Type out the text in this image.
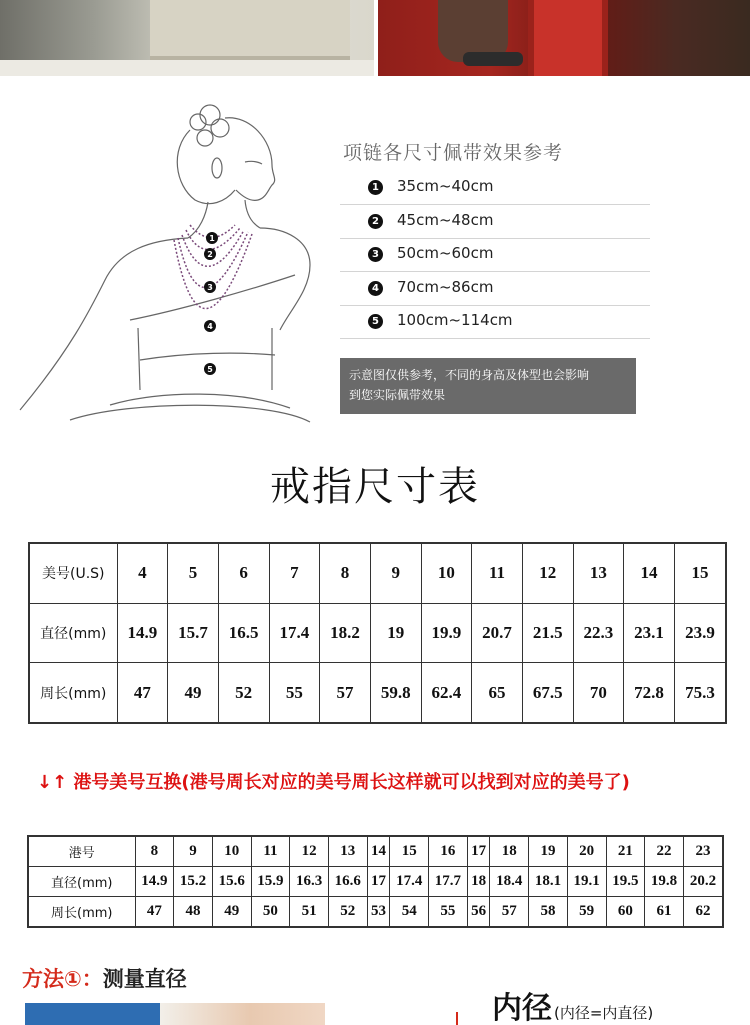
1
2
3
4
5
项链各尺寸佩带效果参考
1 35cm~40cm
2 45cm~48cm
3 50cm~60cm
4 70cm~86cm
5 100cm~114cm
示意图仅供参考，不同的身高及体型也会影响
到您实际佩带效果
戒指尺寸表
美号(U.S)	4	5	6	7	8	9	10	11	12	13	14	15
直径(mm)	14.9	15.7	16.5	17.4	18.2	19	19.9	20.7	21.5	22.3	23.1	23.9
周长(mm)	47	49	52	55	57	59.8	62.4	65	67.5	70	72.8	75.3
↓↑ 港号美号互换(港号周长对应的美号周长这样就可以找到对应的美号了)
港号	8	9	10	11	12	13	14	15	16	17	18	19	20	21	22	23
直径(mm)	14.9	15.2	15.6	15.9	16.3	16.6	17	17.4	17.7	18	18.4	18.1	19.1	19.5	19.8	20.2
周长(mm)	47	48	49	50	51	52	53	54	55	56	57	58	59	60	61	62
方法①：测量直径
内径 (内径=内直径)
